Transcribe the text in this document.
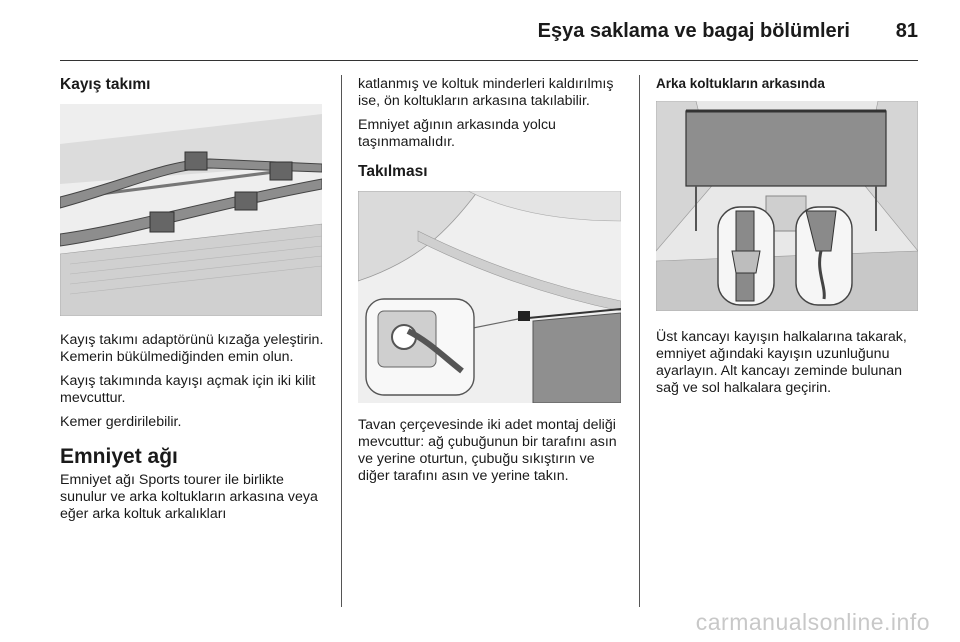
Eşya saklama ve bagaj bölümleri 81
Kayış takımı

Kayış takımı adaptörünü kızağa yeleştirin. Kemerin bükülmediğinden emin olun.

Kayış takımında kayışı açmak için iki kilit mevcuttur.

Kemer gerdirilebilir.

Emniyet ağı

Emniyet ağı Sports tourer ile birlikte sunulur ve arka koltukların arkasına veya eğer arka koltuk arkalıkları

katlanmış ve koltuk minderleri kaldırılmış ise, ön koltukların arkasına takılabilir.

Emniyet ağının arkasında yolcu taşınmamalıdır.

Takılması

Tavan çerçevesinde iki adet montaj deliği mevcuttur: ağ çubuğunun bir tarafını asın ve yerine oturtun, çubuğu sıkıştırın ve diğer tarafını asın ve yerine takın.

Arka koltukların arkasında

Üst kancayı kayışın halkalarına takarak, emniyet ağındaki kayışın uzunluğunu ayarlayın. Alt kancayı zeminde bulunan sağ ve sol halkalara geçirin.

carmanualsonline.info
